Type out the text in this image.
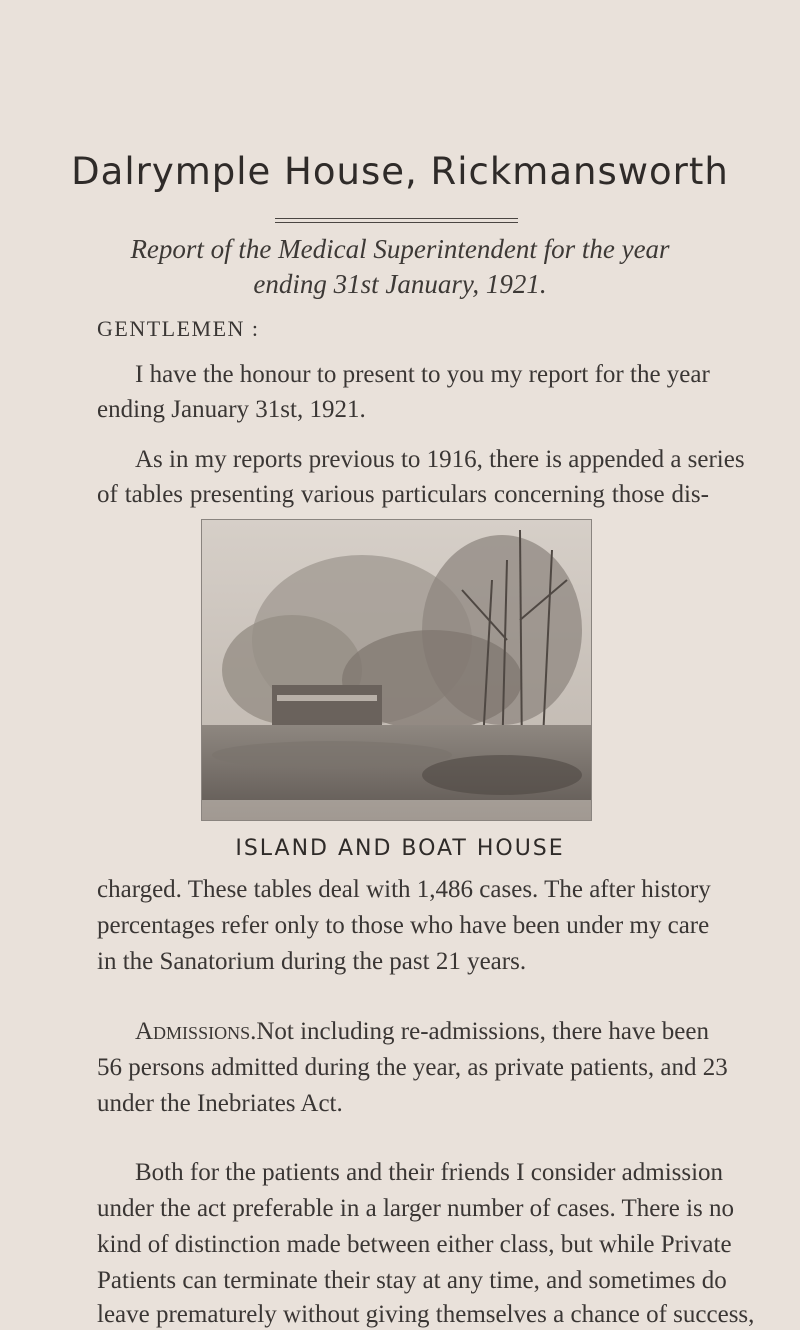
Dalrymple House, Rickmansworth
Report of the Medical Superintendent for the year
ending 31st January, 1921.
GENTLEMEN :
I have the honour to present to you my report for the year
ending January 31st, 1921.
As in my reports previous to 1916, there is appended a series
of tables presenting various particulars concerning those dis-
ISLAND AND BOAT HOUSE
charged. These tables deal with 1,486 cases. The after history
percentages refer only to those who have been under my care
in the Sanatorium during the past 21 years.
Admissions. Not including re-admissions, there have been
56 persons admitted during the year, as private patients, and 23
under the Inebriates Act.
Both for the patients and their friends I consider admission
under the act preferable in a larger number of cases. There is no
kind of distinction made between either class, but while Private
Patients can terminate their stay at any time, and sometimes do
leave prematurely without giving themselves a chance of success,
